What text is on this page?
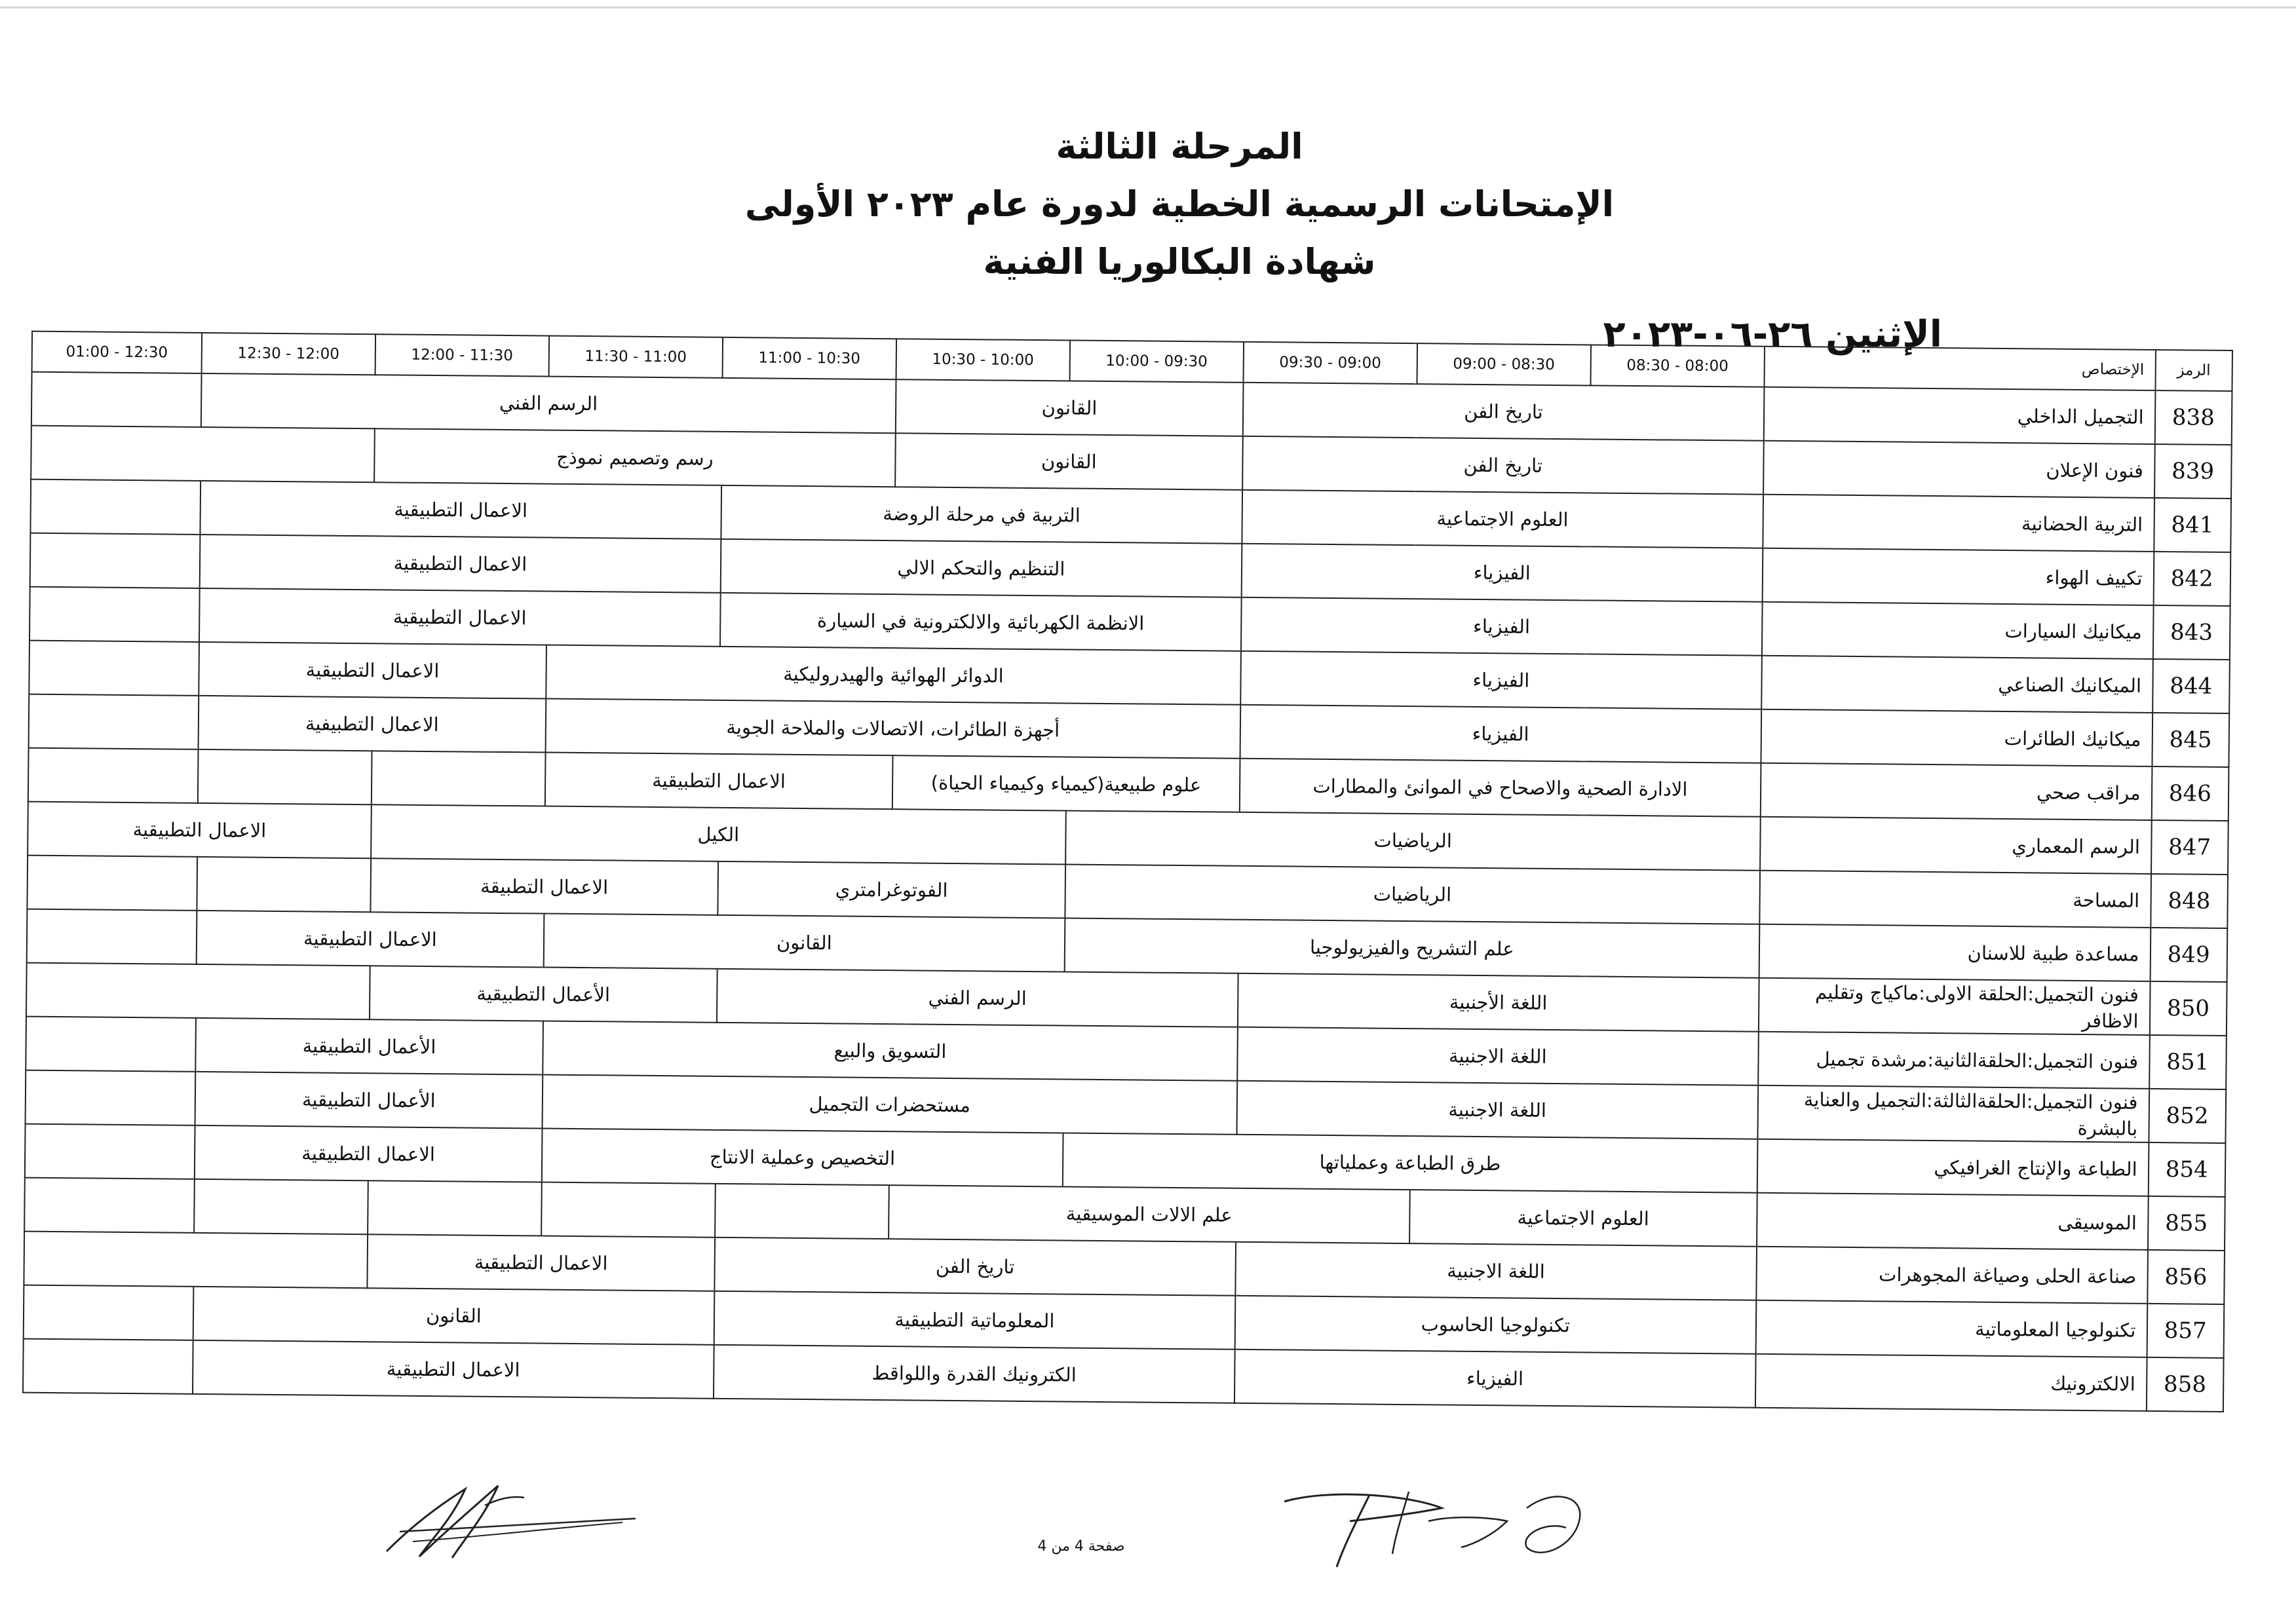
المرحلة الثالثة
الإمتحانات الرسمية الخطية لدورة عام ٢٠٢٣ الأولى
شهادة البكالوريا الفنية
الإثنين ٢٦-٠٦-٢٠٢٣
01:00 - 12:30	12:30 - 12:00	12:00 - 11:30	11:30 - 11:00	11:00 - 10:30	10:30 - 10:00	10:00 - 09:30	09:30 - 09:00	09:00 - 08:30	08:30 - 08:00	الإختصاص	الرمز
	الرسم الفني				القانون		تاريخ الفن			التجميل الداخلي	838
		رسم وتصميم نموذج			القانون		تاريخ الفن			فنون الإعلان	839
	الاعمال التطبيقية			التربية في مرحلة الروضة			العلوم الاجتماعية			التربية الحضانية	841
	الاعمال التطبيقية			التنظيم والتحكم الالي			الفيزياء			تكييف الهواء	842
	الاعمال التطبيقية			الانظمة الكهربائية والالكترونية في السيارة			الفيزياء			ميكانيك السيارات	843
	الاعمال التطبيقية		الدوائر الهوائية والهيدروليكية				الفيزياء			الميكانيك الصناعي	844
	الاعمال التطبيفية		أجهزة الطائرات، الاتصالات والملاحة الجوية				الفيزياء			ميكانيك الطائرات	845
			الاعمال التطبيقية		علوم طبيعية(كيمياء وكيمياء الحياة)		الادارة الصحية والاصحاح في الموانئ والمطارات			مراقب صحي	846
الاعمال التطبيقية		الكيل				الرياضيات				الرسم المعماري	847
		الاعمال التطبيقة		الفوتوغرامتري		الرياضيات				المساحة	848
	الاعمال التطبيقية		القانون			علم التشريح والفيزيولوجيا				مساعدة طبية للاسنان	849
		الأعمال التطبيقية		الرسم الفني			اللغة الأجنبية			فنون التجميل:الحلقة الاولى:ماكياج وتقليم الاظافر	850
	الأعمال التطبيقية		التسويق والبيع				اللغة الاجنبية			فنون التجميل:الحلقةالثانية:مرشدة تجميل	851
	الأعمال التطبيقية		مستحضرات التجميل				اللغة الاجنبية			فنون التجميل:الحلقةالثالثة:التجميل والعناية بالبشرة	852
	الاعمال التطبيقية		التخصيص وعملية الانتاج			طرق الطباعة وعملياتها				الطباعة والإنتاج الغرافيكي	854
					علم الالات الموسيقية			العلوم الاجتماعية		الموسيقى	855
		الاعمال التطبيقية		تاريخ الفن			اللغة الاجنبية			صناعة الحلى وصياغة المجوهرات	856
	القانون			المعلوماتية التطبيقية			تكنولوجيا الحاسوب			تكنولوجيا المعلوماتية	857
	الاعمال التطبيقية			الكترونيك القدرة واللواقط			الفيزياء			الالكترونيك	858
صفحة 4 من 4
